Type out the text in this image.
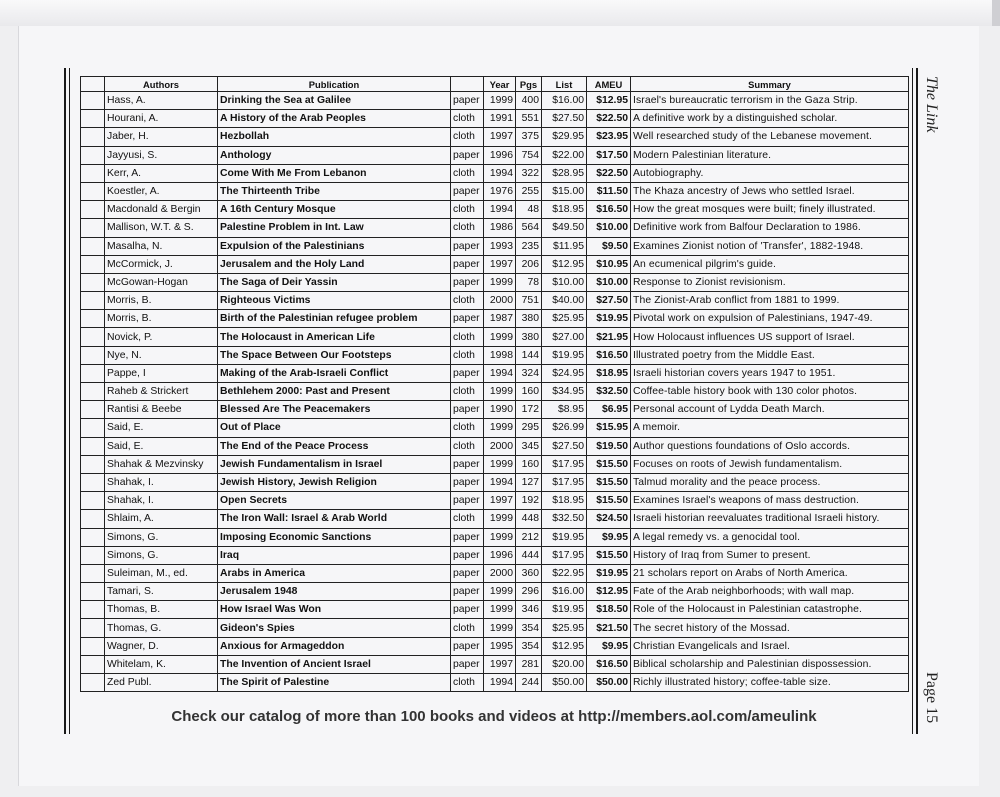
	Authors	Publication		Year	Pgs	List	AMEU	Summary
	Hass, A.	Drinking the Sea at Galilee	paper	1999	400	$16.00	$12.95	Israel's bureaucratic terrorism in the Gaza Strip.
	Hourani, A.	A History of the Arab Peoples	cloth	1991	551	$27.50	$22.50	A definitive work by a distinguished scholar.
	Jaber, H.	Hezbollah	cloth	1997	375	$29.95	$23.95	Well researched study of the Lebanese movement.
	Jayyusi, S.	Anthology	paper	1996	754	$22.00	$17.50	Modern Palestinian literature.
	Kerr, A.	Come With Me From Lebanon	cloth	1994	322	$28.95	$22.50	Autobiography.
	Koestler, A.	The Thirteenth Tribe	paper	1976	255	$15.00	$11.50	The Khaza ancestry of Jews who settled Israel.
	Macdonald & Bergin	A 16th Century Mosque	cloth	1994	48	$18.95	$16.50	How the great mosques were built; finely illustrated.
	Mallison, W.T. & S.	Palestine Problem in Int. Law	cloth	1986	564	$49.50	$10.00	Definitive work from Balfour Declaration to 1986.
	Masalha, N.	Expulsion of the Palestinians	paper	1993	235	$11.95	$9.50	Examines Zionist notion of 'Transfer', 1882-1948.
	McCormick, J.	Jerusalem and the Holy Land	paper	1997	206	$12.95	$10.95	An ecumenical pilgrim's guide.
	McGowan-Hogan	The Saga of Deir Yassin	paper	1999	78	$10.00	$10.00	Response to Zionist revisionism.
	Morris, B.	Righteous Victims	cloth	2000	751	$40.00	$27.50	The Zionist-Arab conflict from 1881 to 1999.
	Morris, B.	Birth of the Palestinian refugee problem	paper	1987	380	$25.95	$19.95	Pivotal work on expulsion of Palestinians, 1947-49.
	Novick, P.	The Holocaust in American Life	cloth	1999	380	$27.00	$21.95	How Holocaust influences US support of Israel.
	Nye, N.	The Space Between Our Footsteps	cloth	1998	144	$19.95	$16.50	Illustrated poetry from the Middle East.
	Pappe, I	Making of the Arab-Israeli Conflict	paper	1994	324	$24.95	$18.95	Israeli historian covers years 1947 to 1951.
	Raheb & Strickert	Bethlehem 2000: Past and Present	cloth	1999	160	$34.95	$32.50	Coffee-table history book with 130 color photos.
	Rantisi & Beebe	Blessed Are The Peacemakers	paper	1990	172	$8.95	$6.95	Personal account of Lydda Death March.
	Said, E.	Out of Place	cloth	1999	295	$26.99	$15.95	A memoir.
	Said, E.	The End of the Peace Process	cloth	2000	345	$27.50	$19.50	Author questions foundations of Oslo accords.
	Shahak & Mezvinsky	Jewish Fundamentalism in Israel	paper	1999	160	$17.95	$15.50	Focuses on roots of Jewish fundamentalism.
	Shahak, I.	Jewish History, Jewish Religion	paper	1994	127	$17.95	$15.50	Talmud morality and the peace process.
	Shahak, I.	Open Secrets	paper	1997	192	$18.95	$15.50	Examines Israel's weapons of mass destruction.
	Shlaim, A.	The Iron Wall: Israel & Arab World	cloth	1999	448	$32.50	$24.50	Israeli historian reevaluates traditional Israeli history.
	Simons, G.	Imposing Economic Sanctions	paper	1999	212	$19.95	$9.95	A legal remedy vs. a genocidal tool.
	Simons, G.	Iraq	paper	1996	444	$17.95	$15.50	History of Iraq from Sumer to present.
	Suleiman, M., ed.	Arabs in America	paper	2000	360	$22.95	$19.95	21 scholars report on Arabs of North America.
	Tamari, S.	Jerusalem 1948	paper	1999	296	$16.00	$12.95	Fate of the Arab neighborhoods; with wall map.
	Thomas, B.	How Israel Was Won	paper	1999	346	$19.95	$18.50	Role of the Holocaust in Palestinian catastrophe.
	Thomas, G.	Gideon's Spies	cloth	1999	354	$25.95	$21.50	The secret history of the Mossad.
	Wagner, D.	Anxious for Armageddon	paper	1995	354	$12.95	$9.95	Christian Evangelicals and Israel.
	Whitelam, K.	The Invention of Ancient Israel	paper	1997	281	$20.00	$16.50	Biblical scholarship and Palestinian dispossession.
	Zed Publ.	The Spirit of Palestine	cloth	1994	244	$50.00	$50.00	Richly illustrated history; coffee-table size.
The Link
Page 15
Check our catalog of more than 100 books and videos at http://members.aol.com/ameulink
